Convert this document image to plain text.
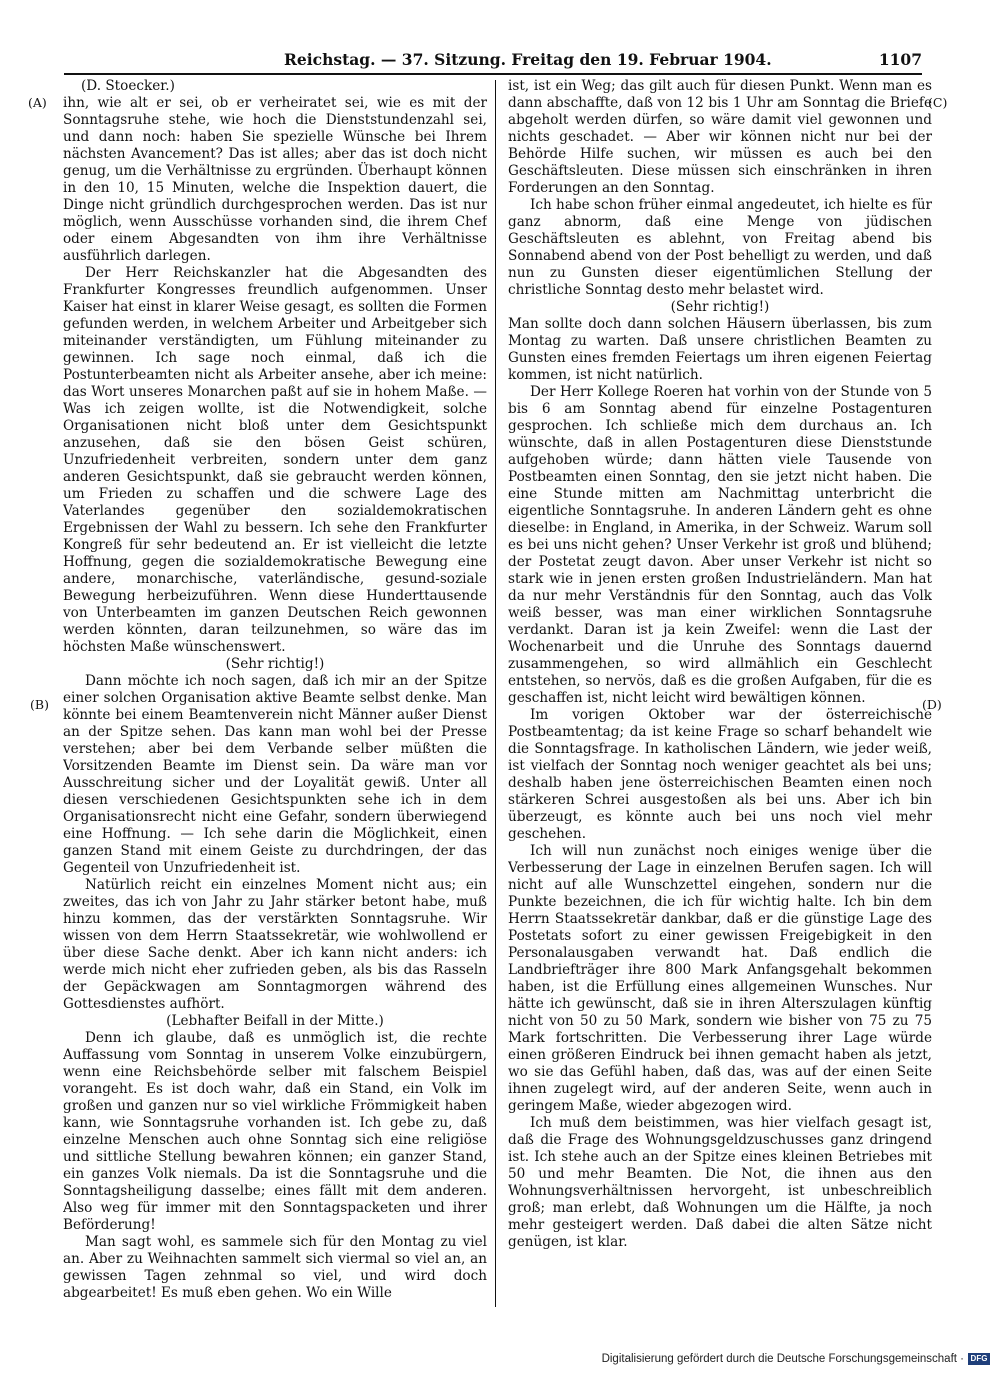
Reichstag. — 37. Sitzung. Freitag den 19. Februar 1904.	1107
(A)
(B)
(C)
(D)

(D. Stoecker.)

ihn, wie alt er sei, ob er verheiratet sei, wie es mit der Sonntagsruhe stehe, wie hoch die Dienststundenzahl sei, und dann noch: haben Sie spezielle Wünsche bei Ihrem nächsten Avancement? Das ist alles; aber das ist doch nicht genug, um die Verhältnisse zu ergründen. Überhaupt können in den 10, 15 Minuten, welche die Inspektion dauert, die Dinge nicht gründlich durchgesprochen werden. Das ist nur möglich, wenn Ausschüsse vorhanden sind, die ihrem Chef oder einem Abgesandten von ihm ihre Verhältnisse ausführlich darlegen.

Der Herr Reichskanzler hat die Abgesandten des Frankfurter Kongresses freundlich aufgenommen. Unser Kaiser hat einst in klarer Weise gesagt, es sollten die Formen gefunden werden, in welchem Arbeiter und Arbeitgeber sich miteinander verständigten, um Fühlung miteinander zu gewinnen. Ich sage noch einmal, daß ich die Postunterbeamten nicht als Arbeiter ansehe, aber ich meine: das Wort unseres Monarchen paßt auf sie in hohem Maße. — Was ich zeigen wollte, ist die Notwendigkeit, solche Organisationen nicht bloß unter dem Gesichtspunkt anzusehen, daß sie den bösen Geist schüren, Unzufriedenheit verbreiten, sondern unter dem ganz anderen Gesichtspunkt, daß sie gebraucht werden können, um Frieden zu schaffen und die schwere Lage des Vaterlandes gegenüber den sozialdemokratischen Ergebnissen der Wahl zu bessern. Ich sehe den Frankfurter Kongreß für sehr bedeutend an. Er ist vielleicht die letzte Hoffnung, gegen die sozialdemokratische Bewegung eine andere, monarchische, vaterländische, gesund-soziale Bewegung herbeizuführen. Wenn diese Hunderttausende von Unterbeamten im ganzen Deutschen Reich gewonnen werden könnten, daran teilzunehmen, so wäre das im höchsten Maße wünschenswert.

(Sehr richtig!)

Dann möchte ich noch sagen, daß ich mir an der Spitze einer solchen Organisation aktive Beamte selbst denke. Man könnte bei einem Beamtenverein nicht Männer außer Dienst an der Spitze sehen. Das kann man wohl bei der Presse verstehen; aber bei dem Verbande selber müßten die Vorsitzenden Beamte im Dienst sein. Da wäre man vor Ausschreitung sicher und der Loyalität gewiß. Unter all diesen verschiedenen Gesichtspunkten sehe ich in dem Organisationsrecht nicht eine Gefahr, sondern überwiegend eine Hoffnung. — Ich sehe darin die Möglichkeit, einen ganzen Stand mit einem Geiste zu durchdringen, der das Gegenteil von Unzufriedenheit ist.

Natürlich reicht ein einzelnes Moment nicht aus; ein zweites, das ich von Jahr zu Jahr stärker betont habe, muß hinzu kommen, das der verstärkten Sonntagsruhe. Wir wissen von dem Herrn Staatssekretär, wie wohlwollend er über diese Sache denkt. Aber ich kann nicht anders: ich werde mich nicht eher zufrieden geben, als bis das Rasseln der Gepäckwagen am Sonntagmorgen während des Gottesdienstes aufhört.

(Lebhafter Beifall in der Mitte.)

Denn ich glaube, daß es unmöglich ist, die rechte Auffassung vom Sonntag in unserem Volke einzubürgern, wenn eine Reichsbehörde selber mit falschem Beispiel vorangeht. Es ist doch wahr, daß ein Stand, ein Volk im großen und ganzen nur so viel wirkliche Frömmigkeit haben kann, wie Sonntagsruhe vorhanden ist. Ich gebe zu, daß einzelne Menschen auch ohne Sonntag sich eine religiöse und sittliche Stellung bewahren können; ein ganzer Stand, ein ganzes Volk niemals. Da ist die Sonntagsruhe und die Sonntagsheiligung dasselbe; eines fällt mit dem anderen. Also weg für immer mit den Sonntagspacketen und ihrer Beförderung!

Man sagt wohl, es sammele sich für den Montag zu viel an. Aber zu Weihnachten sammelt sich viermal so viel an, an gewissen Tagen zehnmal so viel, und wird doch abgearbeitet! Es muß eben gehen. Wo ein Wille

ist, ist ein Weg; das gilt auch für diesen Punkt. Wenn man es dann abschaffte, daß von 12 bis 1 Uhr am Sonntag die Briefe abgeholt werden dürfen, so wäre damit viel gewonnen und nichts geschadet. — Aber wir können nicht nur bei der Behörde Hilfe suchen, wir müssen es auch bei den Geschäftsleuten. Diese müssen sich einschränken in ihren Forderungen an den Sonntag.

Ich habe schon früher einmal angedeutet, ich hielte es für ganz abnorm, daß eine Menge von jüdischen Geschäftsleuten es ablehnt, von Freitag abend bis Sonnabend abend von der Post behelligt zu werden, und daß nun zu Gunsten dieser eigentümlichen Stellung der christliche Sonntag desto mehr belastet wird.

(Sehr richtig!)

Man sollte doch dann solchen Häusern überlassen, bis zum Montag zu warten. Daß unsere christlichen Beamten zu Gunsten eines fremden Feiertags um ihren eigenen Feiertag kommen, ist nicht natürlich.

Der Herr Kollege Roeren hat vorhin von der Stunde von 5 bis 6 am Sonntag abend für einzelne Postagenturen gesprochen. Ich schließe mich dem durchaus an. Ich wünschte, daß in allen Postagenturen diese Dienststunde aufgehoben würde; dann hätten viele Tausende von Postbeamten einen Sonntag, den sie jetzt nicht haben. Die eine Stunde mitten am Nachmittag unterbricht die eigentliche Sonntagsruhe. In anderen Ländern geht es ohne dieselbe: in England, in Amerika, in der Schweiz. Warum soll es bei uns nicht gehen? Unser Verkehr ist groß und blühend; der Postetat zeugt davon. Aber unser Verkehr ist nicht so stark wie in jenen ersten großen Industrieländern. Man hat da nur mehr Verständnis für den Sonntag, auch das Volk weiß besser, was man einer wirklichen Sonntagsruhe verdankt. Daran ist ja kein Zweifel: wenn die Last der Wochenarbeit und die Unruhe des Sonntags dauernd zusammengehen, so wird allmählich ein Geschlecht entstehen, so nervös, daß es die großen Aufgaben, für die es geschaffen ist, nicht leicht wird bewältigen können.

Im vorigen Oktober war der österreichische Postbeamtentag; da ist keine Frage so scharf behandelt wie die Sonntagsfrage. In katholischen Ländern, wie jeder weiß, ist vielfach der Sonntag noch weniger geachtet als bei uns; deshalb haben jene österreichischen Beamten einen noch stärkeren Schrei ausgestoßen als bei uns. Aber ich bin überzeugt, es könnte auch bei uns noch viel mehr geschehen.

Ich will nun zunächst noch einiges wenige über die Verbesserung der Lage in einzelnen Berufen sagen. Ich will nicht auf alle Wunschzettel eingehen, sondern nur die Punkte bezeichnen, die ich für wichtig halte. Ich bin dem Herrn Staatssekretär dankbar, daß er die günstige Lage des Postetats sofort zu einer gewissen Freigebigkeit in den Personalausgaben verwandt hat. Daß endlich die Landbriefträger ihre 800 Mark Anfangsgehalt bekommen haben, ist die Erfüllung eines allgemeinen Wunsches. Nur hätte ich gewünscht, daß sie in ihren Alterszulagen künftig nicht von 50 zu 50 Mark, sondern wie bisher von 75 zu 75 Mark fortschritten. Die Verbesserung ihrer Lage würde einen größeren Eindruck bei ihnen gemacht haben als jetzt, wo sie das Gefühl haben, daß das, was auf der einen Seite ihnen zugelegt wird, auf der anderen Seite, wenn auch in geringem Maße, wieder abgezogen wird.

Ich muß dem beistimmen, was hier vielfach gesagt ist, daß die Frage des Wohnungsgeldzuschusses ganz dringend ist. Ich stehe auch an der Spitze eines kleinen Betriebes mit 50 und mehr Beamten. Die Not, die ihnen aus den Wohnungsverhältnissen hervorgeht, ist unbeschreiblich groß; man erlebt, daß Wohnungen um die Hälfte, ja noch mehr gesteigert werden. Daß dabei die alten Sätze nicht genügen, ist klar.

Digitalisierung gefördert durch die Deutsche Forschungsgemeinschaft · DFG
